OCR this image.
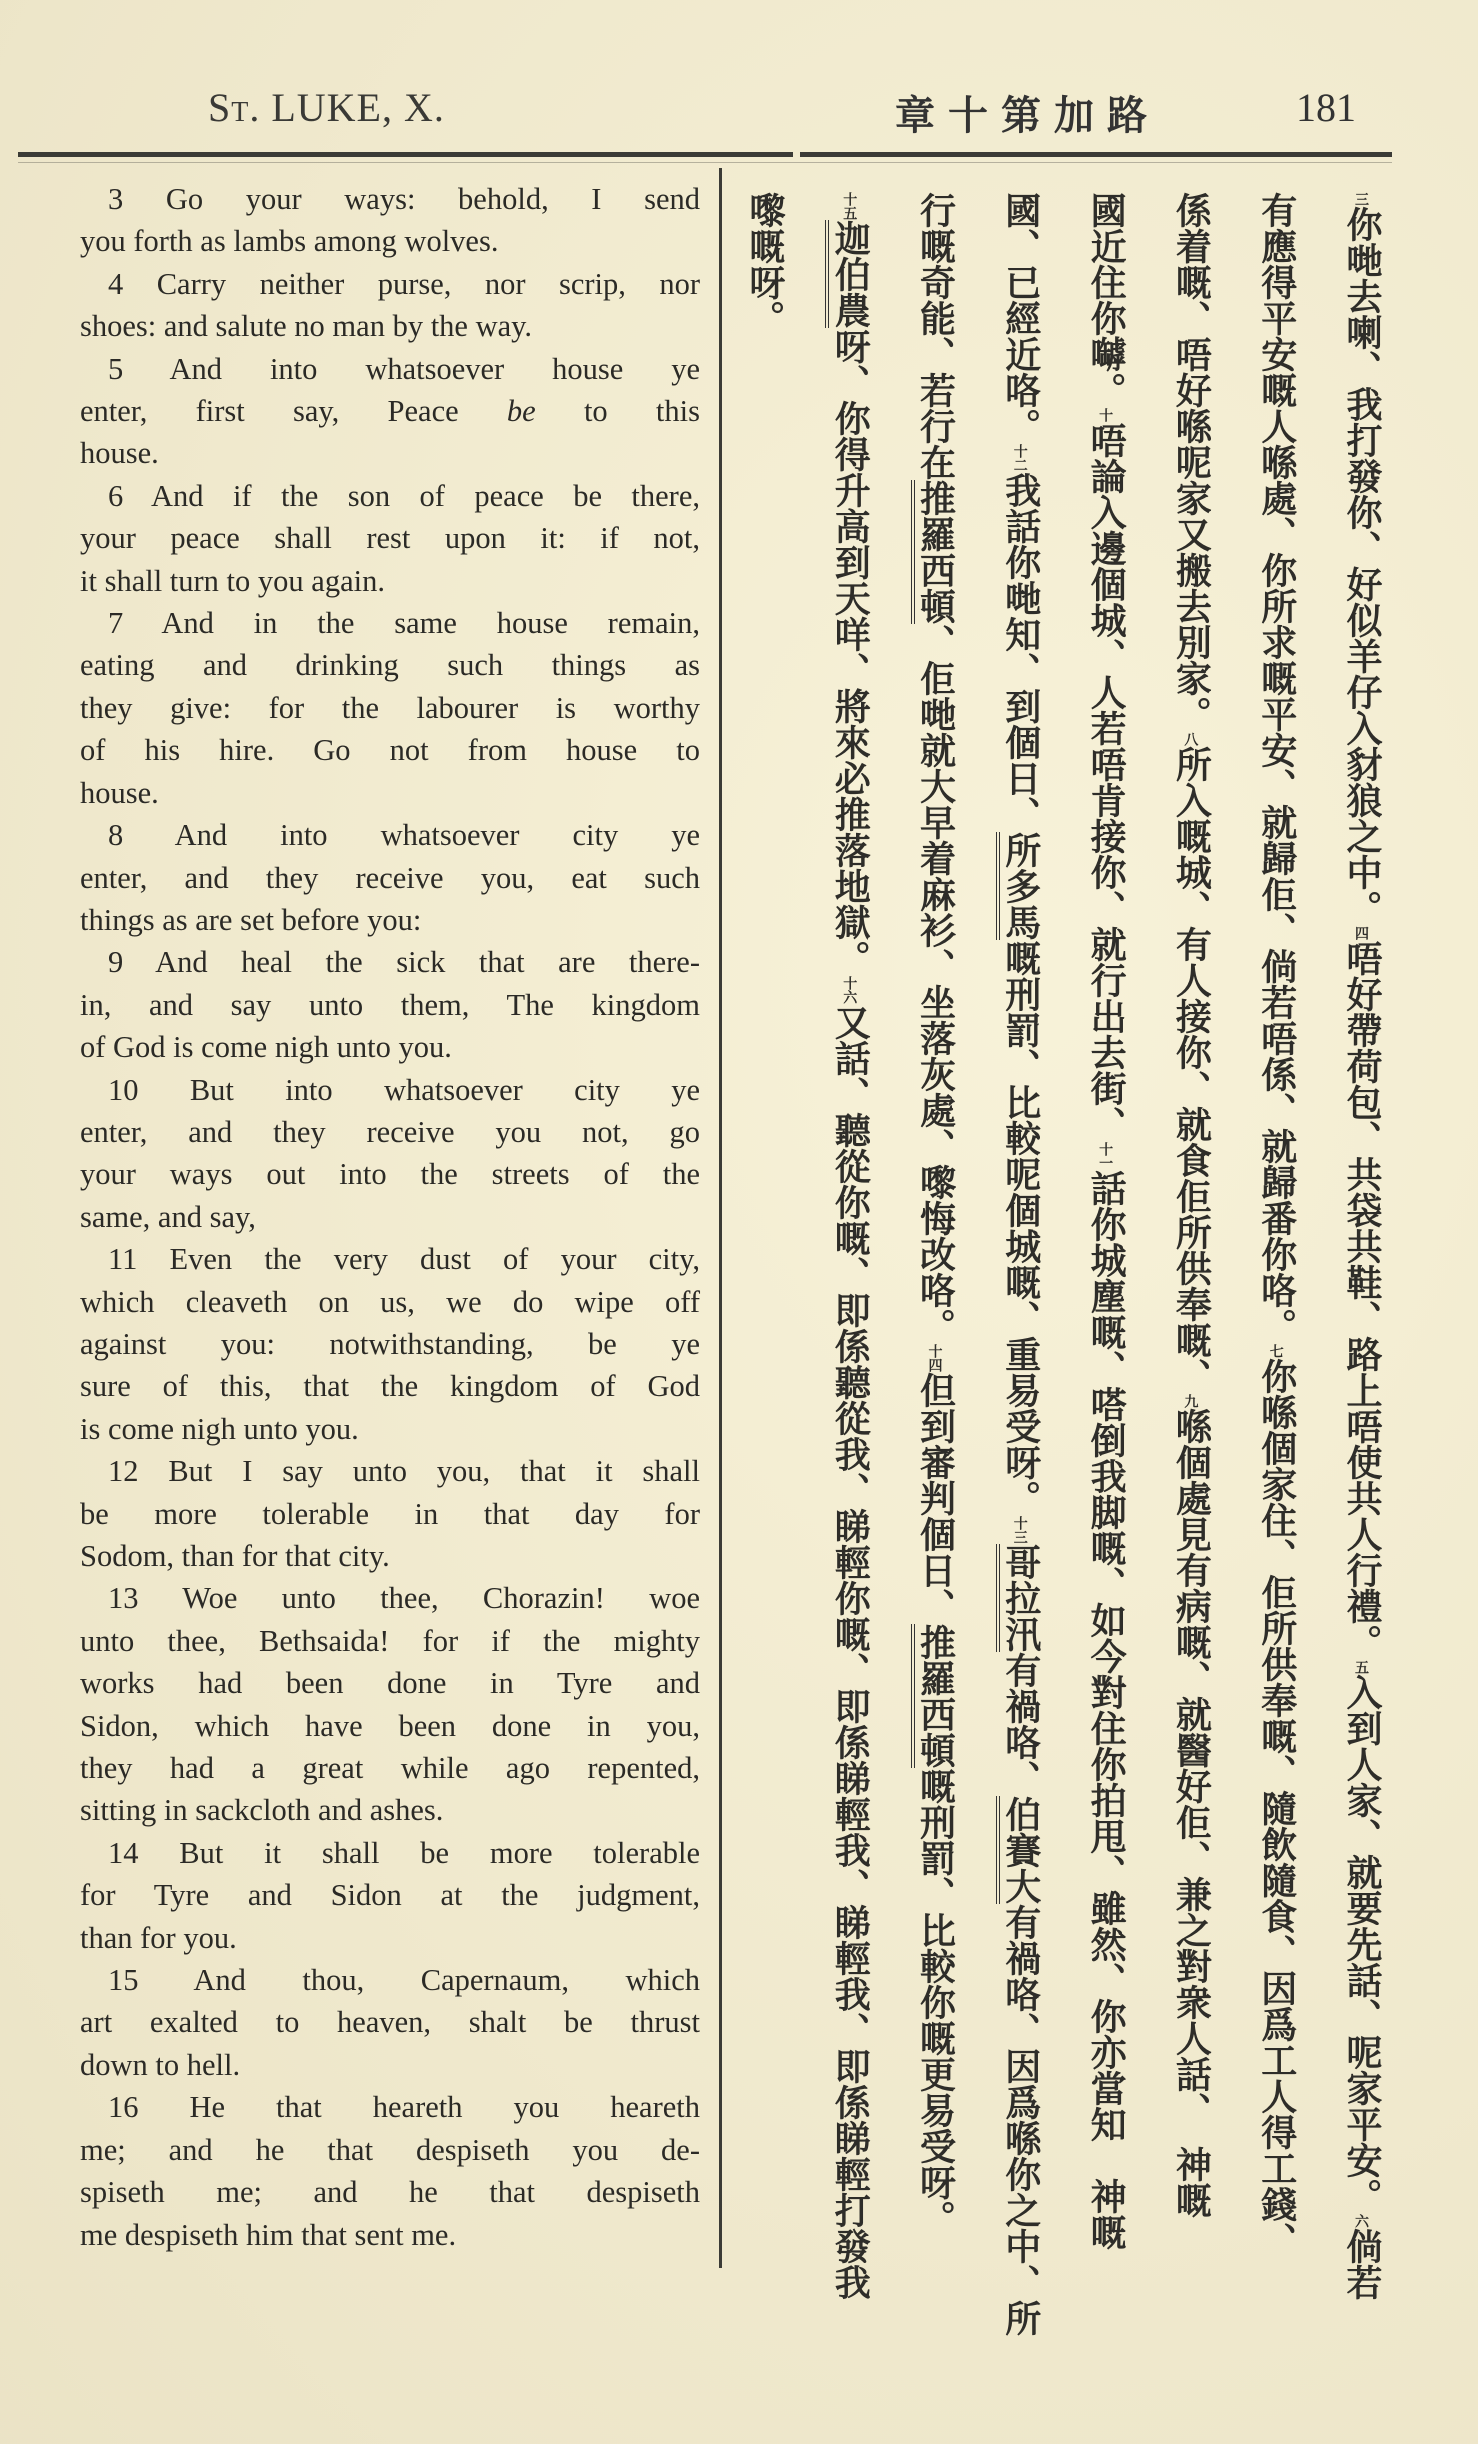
St. LUKE, X.	章十第加路	181
3 Go your ways: behold, I send
you forth as lambs among wolves.
4 Carry neither purse, nor scrip, nor
shoes: and salute no man by the way.
5 And into whatsoever house ye
enter, first say, Peace be to this
house.
6 And if the son of peace be there,
your peace shall rest upon it: if not,
it shall turn to you again.
7 And in the same house remain,
eating and drinking such things as
they give: for the labourer is worthy
of his hire. Go not from house to
house.
8 And into whatsoever city ye
enter, and they receive you, eat such
things as are set before you:
9 And heal the sick that are there-
in, and say unto them, The kingdom
of God is come nigh unto you.
10 But into whatsoever city ye
enter, and they receive you not, go
your ways out into the streets of the
same, and say,
11 Even the very dust of your city,
which cleaveth on us, we do wipe off
against you: notwithstanding, be ye
sure of this, that the kingdom of God
is come nigh unto you.
12 But I say unto you, that it shall
be more tolerable in that day for
Sodom, than for that city.
13 Woe unto thee, Chorazin! woe
unto thee, Bethsaida! for if the mighty
works had been done in Tyre and
Sidon, which have been done in you,
they had a great while ago repented,
sitting in sackcloth and ashes.
14 But it shall be more tolerable
for Tyre and Sidon at the judgment,
than for you.
15 And thou, Capernaum, which
art exalted to heaven, shalt be thrust
down to hell.
16 He that heareth you heareth
me; and he that despiseth you de-
spiseth me; and he that despiseth
me despiseth him that sent me.
三你哋去喇、我打發你、好似羊仔入豺狼之中。四唔好帶荷包、共袋共鞋、路上唔使共人行禮。五入到人家、就要先話、呢家平安。六倘若
有應得平安嘅人喺處、你所求嘅平安、就歸佢、倘若唔係、就歸番你咯。七你喺個家住、佢所供奉嘅、隨飲隨食、因爲工人得工錢、
係着嘅、唔好喺呢家又搬去別家。八所入嘅城、有人接你、就食佢所供奉嘅、九喺個處見有病嘅、就醫好佢、兼之對衆人話、　神嘅
國近住你嚹。十唔論入邊個城、人若唔肯接你、就行出去街、十一話你城塵嘅、嗒倒我脚嘅、如今對住你拍甩、雖然、你亦當知　神嘅
國、已經近咯。十二我話你哋知、到個日、所多馬嘅刑罰、比較呢個城嘅、重易受呀。十三哥拉汛有禍咯、伯賽大有禍咯、因爲喺你之中、所
行嘅奇能、若行在推羅西頓、佢哋就大早着麻衫、坐落灰處、嚟悔改咯。十四但到審判個日、推羅西頓嘅刑罰、比較你嘅更易受呀。
十五迦伯農呀、你得升高到天咩、將來必推落地獄。十六又話、聽從你嘅、即係聽從我、睇輕你嘅、即係睇輕我、睇輕我、即係睇輕打發我
嚟嘅呀。
